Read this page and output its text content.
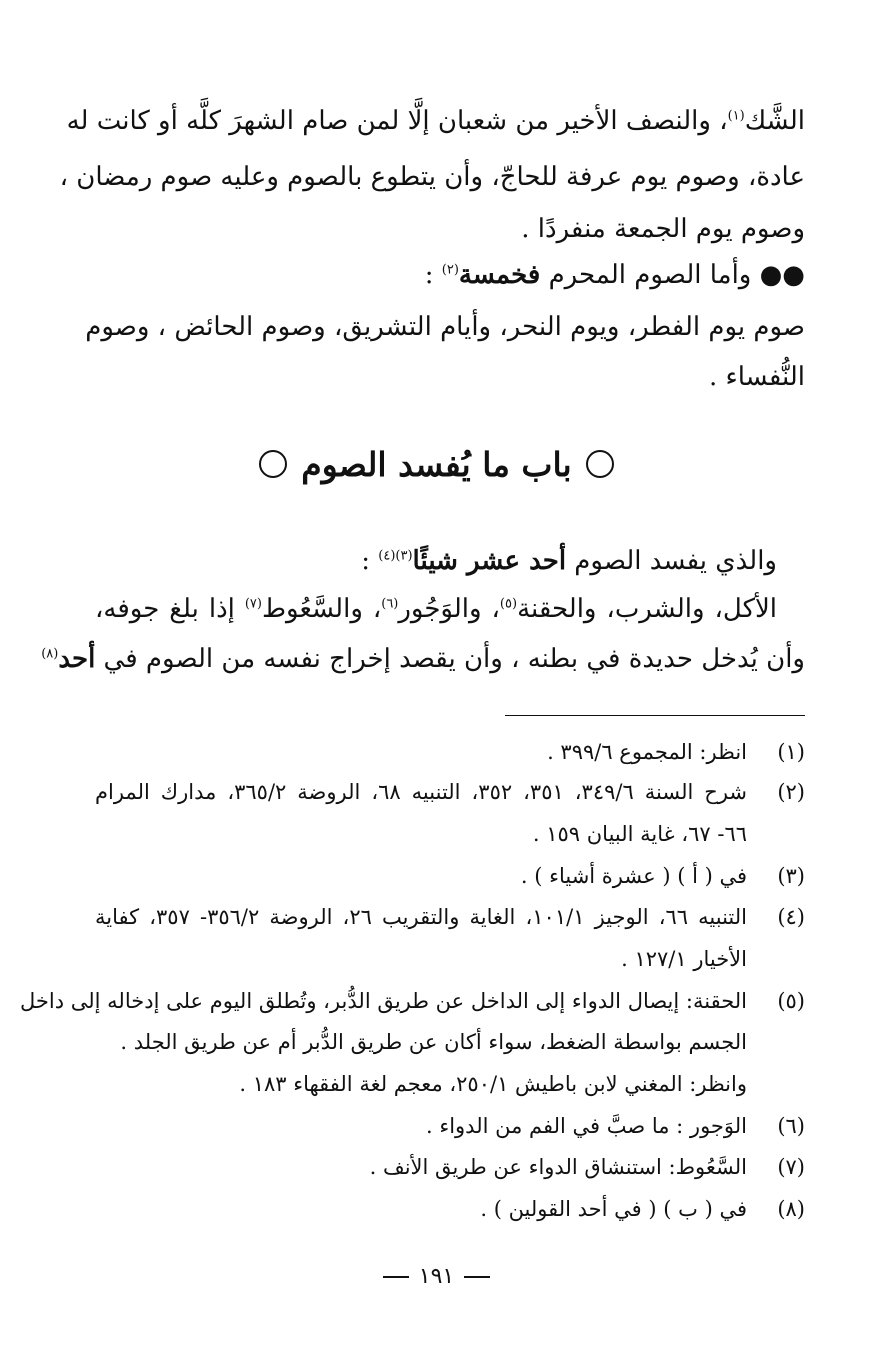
الشَّك$^{(١)}$، والنصف الأخير من شعبان إلَّا لمن صام الشهرَ كلَّه أو كانت له
عادة، وصوم يوم عرفة للحاجّ، وأن يتطوع بالصوم وعليه صوم رمضان ،
وصوم يوم الجمعة منفردًا .
●● وأما الصوم المحرم فخمسة$^{(٢)}$ :
صوم يوم الفطر، ويوم النحر، وأيام التشريق، وصوم الحائض ، وصوم
النُّفساء .
باب ما يُفسد الصوم
والذي يفسد الصوم أحد عشر شيئًا$^{(٣)(٤)}$ :
الأكل، والشرب، والحقنة$^{(٥)}$، والوَجُور$^{(٦)}$، والسَّعُوط$^{(٧)}$ إذا بلغ جوفه،
وأن يُدخل حديدة في بطنه ، وأن يقصد إخراج نفسه من الصوم في أحد$^{(٨)}$
(١)
انظر: المجموع ٣٩٩/٦ .
(٢)
شرح السنة ٣٤٩/٦، ٣٥١، ٣٥٢، التنبيه ٦٨، الروضة ٣٦٥/٢، مدارك المرام
٦٦- ٦٧، غاية البيان ١٥٩ .
(٣)
في ( أ ) ( عشرة أشياء ) .
(٤)
التنبيه ٦٦، الوجيز ١٠١/١، الغاية والتقريب ٢٦، الروضة ٣٥٦/٢- ٣٥٧، كفاية
الأخيار ١٢٧/١ .
(٥)
الحقنة: إيصال الدواء إلى الداخل عن طريق الدُّبر، وتُطلق اليوم على إدخاله إلى داخل
الجسم بواسطة الضغط، سواء أكان عن طريق الدُّبر أم عن طريق الجلد .
وانظر: المغني لابن باطيش ٢٥٠/١، معجم لغة الفقهاء ١٨٣ .
(٦)
الوَجور : ما صبَّ في الفم من الدواء .
(٧)
السَّعُوط: استنشاق الدواء عن طريق الأنف .
(٨)
في ( ب ) ( في أحد القولين ) .
١٩١
